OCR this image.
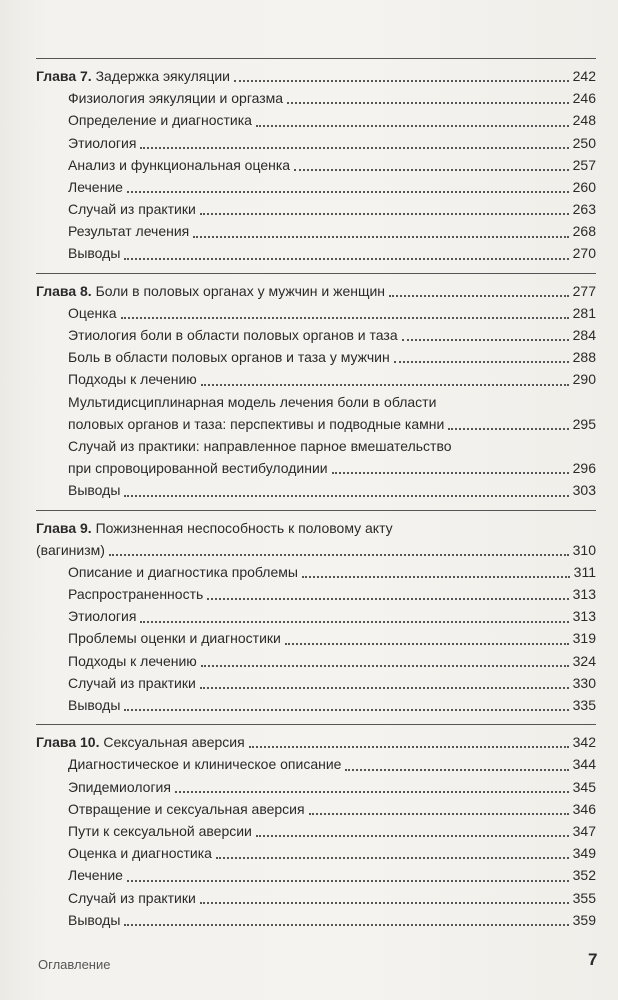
Глава 7. Задержка эякуляции	242
Физиология эякуляции и оргазма	246
Определение и диагностика	248
Этиология	250
Анализ и функциональная оценка	257
Лечение	260
Случай из практики	263
Результат лечения	268
Выводы	270
Глава 8. Боли в половых органах у мужчин и женщин	277
Оценка	281
Этиология боли в области половых органов и таза	284
Боль в области половых органов и таза у мужчин	288
Подходы к лечению	290
Мультидисциплинарная модель лечения боли в области
половых органов и таза: перспективы и подводные камни	295
Случай из практики: направленное парное вмешательство
при спровоцированной вестибулодинии	296
Выводы	303
Глава 9. Пожизненная неспособность к половому акту
(вагинизм)	310
Описание и диагностика проблемы	311
Распространенность	313
Этиология	313
Проблемы оценки и диагностики	319
Подходы к лечению	324
Случай из практики	330
Выводы	335
Глава 10. Сексуальная аверсия	342
Диагностическое и клиническое описание	344
Эпидемиология	345
Отвращение и сексуальная аверсия	346
Пути к сексуальной аверсии	347
Оценка и диагностика	349
Лечение	352
Случай из практики	355
Выводы	359
Оглавление	7
